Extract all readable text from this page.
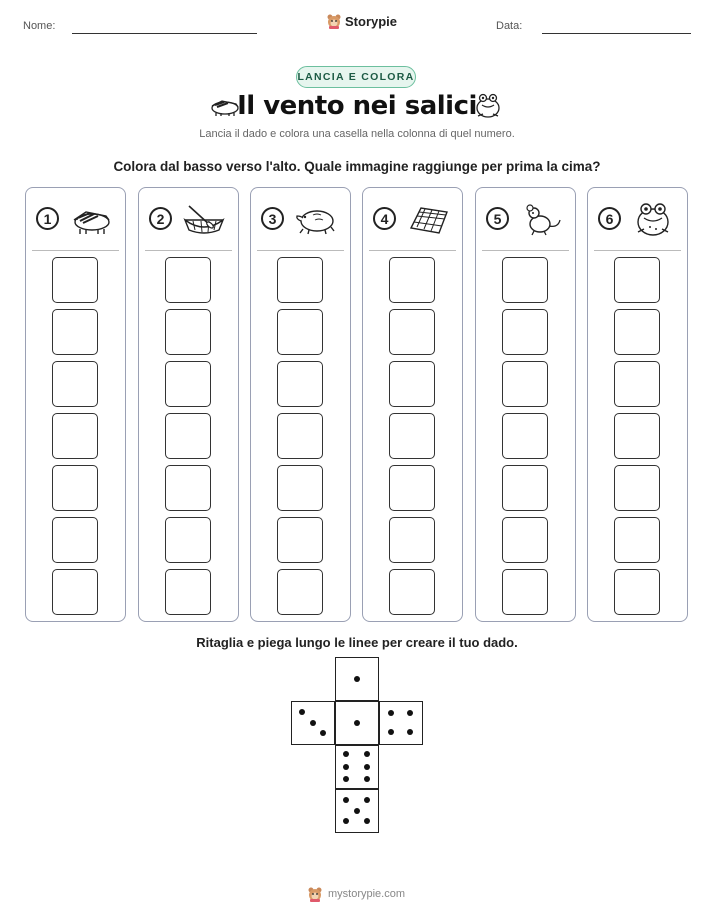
Nome:	Storypie	Data:
LANCIA E COLORA
Il vento nei salici
Lancia il dado e colora una casella nella colonna di quel numero.
Colora dal basso verso l'alto. Quale immagine raggiunge per prima la cima?
1	2	3	4	5	6
Ritaglia e piega lungo le linee per creare il tuo dado.
mystorypie.com
